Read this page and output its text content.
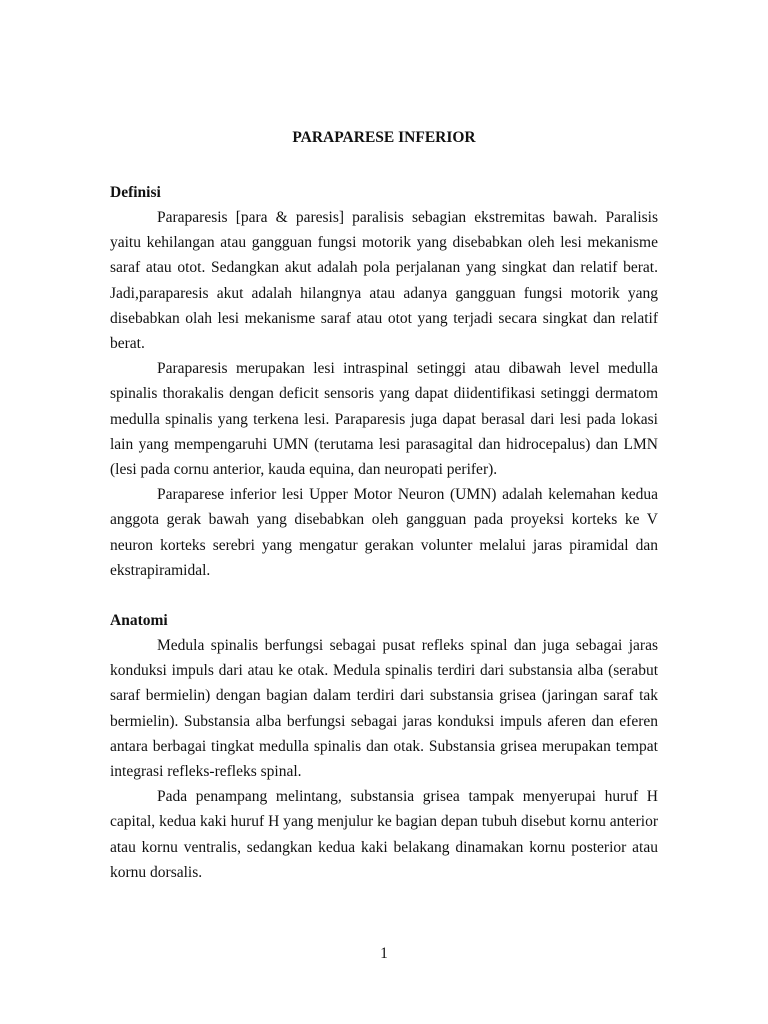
PARAPARESE INFERIOR

Definisi

Paraparesis [para & paresis] paralisis sebagian ekstremitas bawah. Paralisis yaitu kehilangan atau gangguan fungsi motorik yang disebabkan oleh lesi mekanisme saraf atau otot. Sedangkan akut adalah pola perjalanan yang singkat dan relatif berat. Jadi,paraparesis akut adalah hilangnya atau adanya gangguan fungsi motorik yang disebabkan olah lesi mekanisme saraf atau otot yang terjadi secara singkat dan relatif berat.

Paraparesis merupakan lesi intraspinal setinggi atau dibawah level medulla spinalis thorakalis dengan deficit sensoris yang dapat diidentifikasi setinggi dermatom medulla spinalis yang terkena lesi. Paraparesis juga dapat berasal dari lesi pada lokasi lain yang mempengaruhi UMN (terutama lesi parasagital dan hidrocepalus) dan LMN (lesi pada cornu anterior, kauda equina, dan neuropati perifer).

Paraparese inferior lesi Upper Motor Neuron (UMN) adalah kelemahan kedua anggota gerak bawah yang disebabkan oleh gangguan pada proyeksi korteks ke V neuron korteks serebri yang mengatur gerakan volunter melalui jaras piramidal dan ekstrapiramidal.

Anatomi

Medula spinalis berfungsi sebagai pusat refleks spinal dan juga sebagai jaras konduksi impuls dari atau ke otak. Medula spinalis terdiri dari substansia alba (serabut saraf bermielin) dengan bagian dalam terdiri dari substansia grisea (jaringan saraf tak bermielin). Substansia alba berfungsi sebagai jaras konduksi impuls aferen dan eferen antara berbagai tingkat medulla spinalis dan otak. Substansia grisea merupakan tempat integrasi refleks-refleks spinal.

Pada penampang melintang, substansia grisea tampak menyerupai huruf H capital, kedua kaki huruf H yang menjulur ke bagian depan tubuh disebut kornu anterior atau kornu ventralis, sedangkan kedua kaki belakang dinamakan kornu posterior atau kornu dorsalis.

1
